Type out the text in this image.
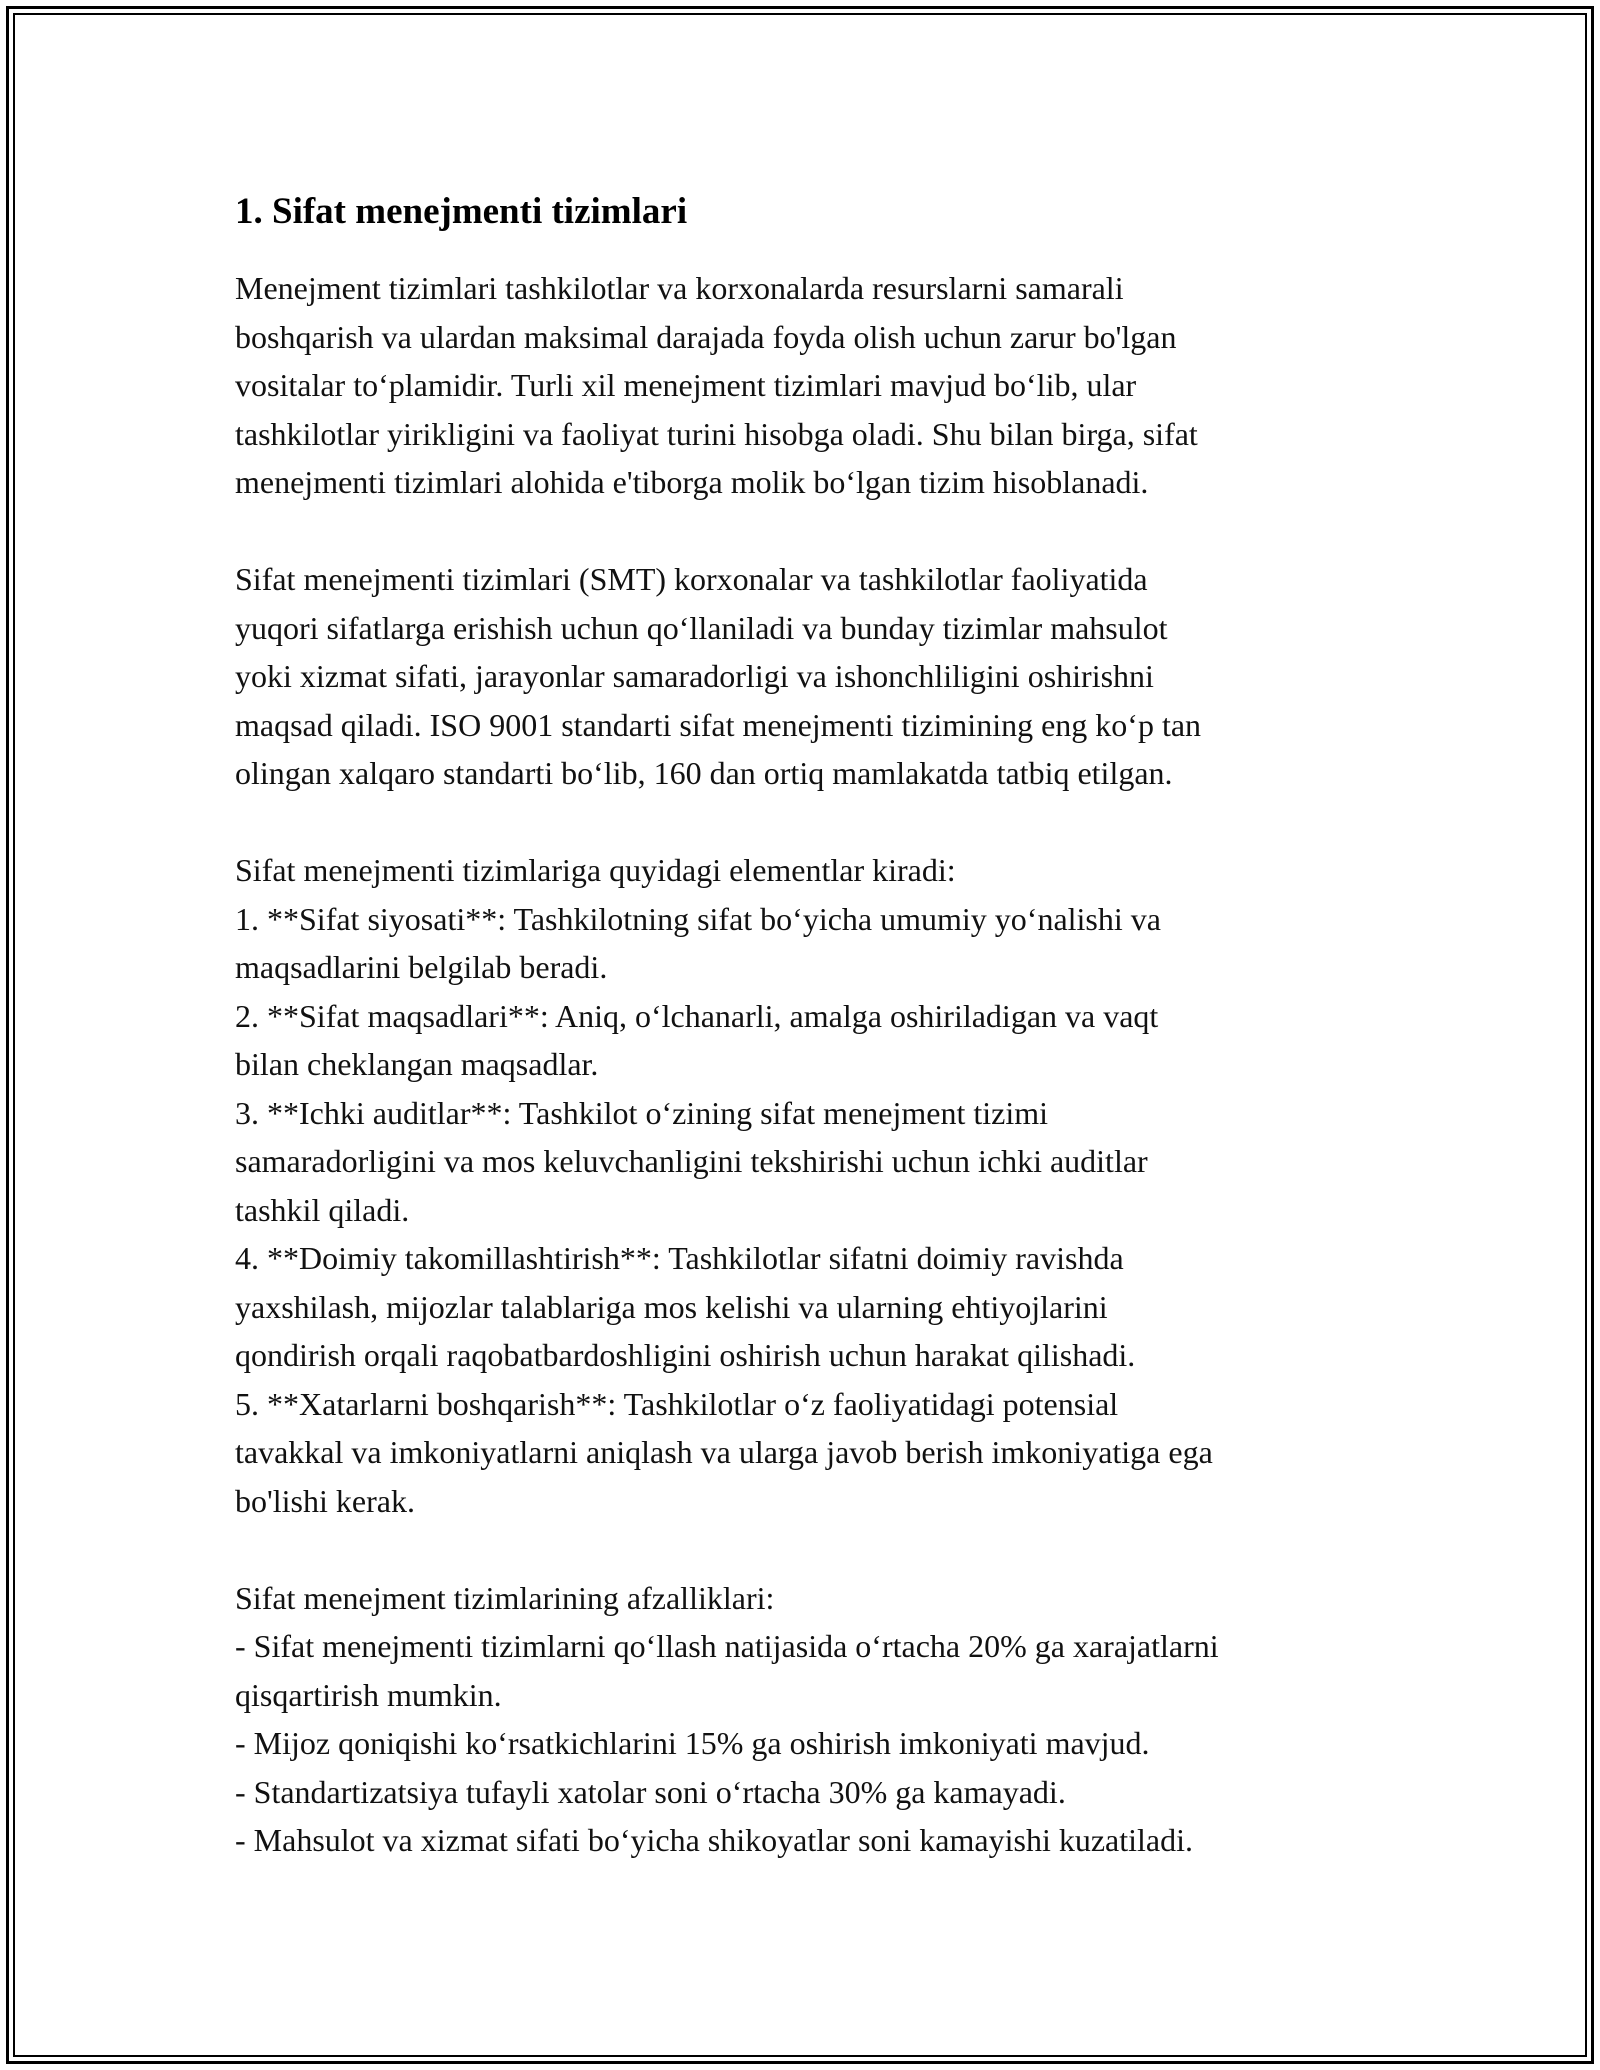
1. Sifat menejmenti tizimlari
Menejment tizimlari tashkilotlar va korxonalarda resurslarni samarali
boshqarish va ulardan maksimal darajada foyda olish uchun zarur bo'lgan
vositalar to‘plamidir. Turli xil menejment tizimlari mavjud bo‘lib, ular
tashkilotlar yirikligini va faoliyat turini hisobga oladi. Shu bilan birga, sifat
menejmenti tizimlari alohida e'tiborga molik bo‘lgan tizim hisoblanadi.
Sifat menejmenti tizimlari (SMT) korxonalar va tashkilotlar faoliyatida
yuqori sifatlarga erishish uchun qo‘llaniladi va bunday tizimlar mahsulot
yoki xizmat sifati, jarayonlar samaradorligi va ishonchliligini oshirishni
maqsad qiladi. ISO 9001 standarti sifat menejmenti tizimining eng ko‘p tan
olingan xalqaro standarti bo‘lib, 160 dan ortiq mamlakatda tatbiq etilgan.
Sifat menejmenti tizimlariga quyidagi elementlar kiradi:
1. **Sifat siyosati**: Tashkilotning sifat bo‘yicha umumiy yo‘nalishi va
maqsadlarini belgilab beradi.
2. **Sifat maqsadlari**: Aniq, o‘lchanarli, amalga oshiriladigan va vaqt
bilan cheklangan maqsadlar.
3. **Ichki auditlar**: Tashkilot o‘zining sifat menejment tizimi
samaradorligini va mos keluvchanligini tekshirishi uchun ichki auditlar
tashkil qiladi.
4. **Doimiy takomillashtirish**: Tashkilotlar sifatni doimiy ravishda
yaxshilash, mijozlar talablariga mos kelishi va ularning ehtiyojlarini
qondirish orqali raqobatbardoshligini oshirish uchun harakat qilishadi.
5. **Xatarlarni boshqarish**: Tashkilotlar o‘z faoliyatidagi potensial
tavakkal va imkoniyatlarni aniqlash va ularga javob berish imkoniyatiga ega
bo'lishi kerak.
Sifat menejment tizimlarining afzalliklari:
- Sifat menejmenti tizimlarni qo‘llash natijasida o‘rtacha 20% ga xarajatlarni
qisqartirish mumkin.
- Mijoz qoniqishi ko‘rsatkichlarini 15% ga oshirish imkoniyati mavjud.
- Standartizatsiya tufayli xatolar soni o‘rtacha 30% ga kamayadi.
- Mahsulot va xizmat sifati bo‘yicha shikoyatlar soni kamayishi kuzatiladi.
